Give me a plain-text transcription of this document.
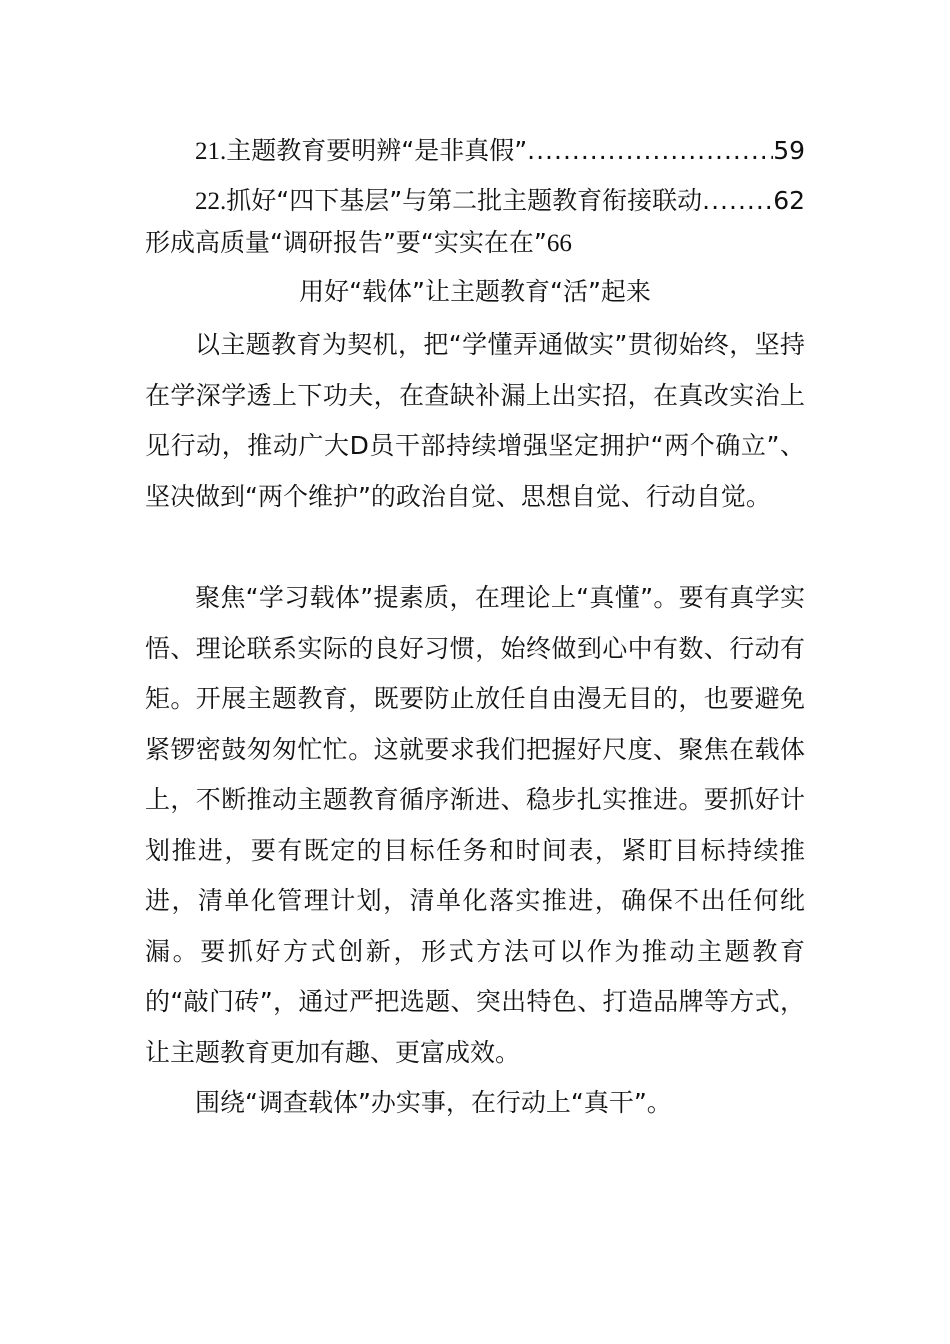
21. 主题教育要明辨“是非真假” .....	59
22. 抓好“四下基层”与第二批主题教育衔接联动 .....	62
形成高质量“调研报告”要“实实在在”66
用好“载体”让主题教育“活”起来

以主题教育为契机，把“学懂弄通做实”贯彻始终，坚持在学深学透上下功夫，在查缺补漏上出实招，在真改实治上见行动，推动广大D员干部持续增强坚定拥护“两个确立”、坚决做到“两个维护”的政治自觉、思想自觉、行动自觉。

聚焦“学习载体”提素质，在理论上“真懂”。要有真学实悟、理论联系实际的良好习惯，始终做到心中有数、行动有矩。开展主题教育，既要防止放任自由漫无目的，也要避免紧锣密鼓匆匆忙忙。这就要求我们把握好尺度、聚焦在载体上，不断推动主题教育循序渐进、稳步扎实推进。要抓好计划推进，要有既定的目标任务和时间表，紧盯目标持续推进，清单化管理计划，清单化落实推进，确保不出任何纰漏。要抓好方式创新，形式方法可以作为推动主题教育的“敲门砖”，通过严把选题、突出特色、打造品牌等方式，让主题教育更加有趣、更富成效。

围绕“调查载体”办实事，在行动上“真干”。
